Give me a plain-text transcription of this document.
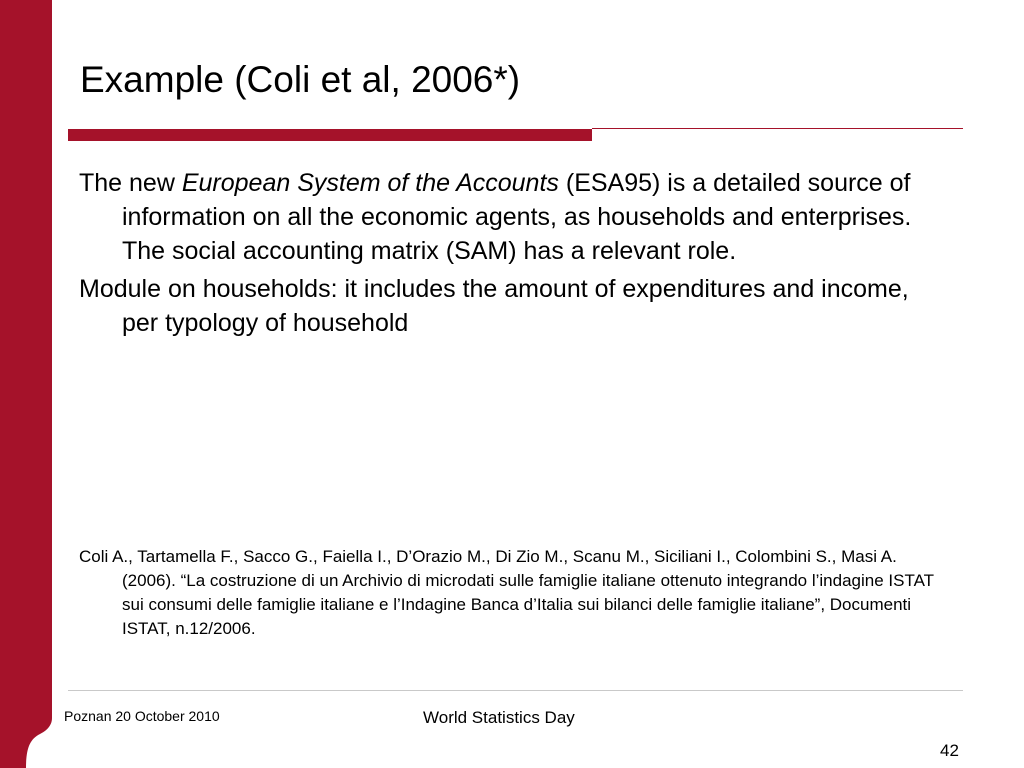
Example (Coli et al, 2006*)

The new European System of the Accounts (ESA95) is a detailed source of information on all the economic agents, as households and enterprises. The social accounting matrix (SAM) has a relevant role.

Module on households: it includes the amount of expenditures and income, per typology of household

Coli A., Tartamella F., Sacco G., Faiella I., D’Orazio M., Di Zio M., Scanu M., Siciliani I., Colombini S., Masi A. (2006). “La costruzione di un Archivio di microdati sulle famiglie italiane ottenuto integrando l’indagine ISTAT sui consumi delle famiglie italiane e l’Indagine Banca d’Italia sui bilanci delle famiglie italiane”, Documenti ISTAT, n.12/2006.
Poznan 20 October 2010	World Statistics Day
42
